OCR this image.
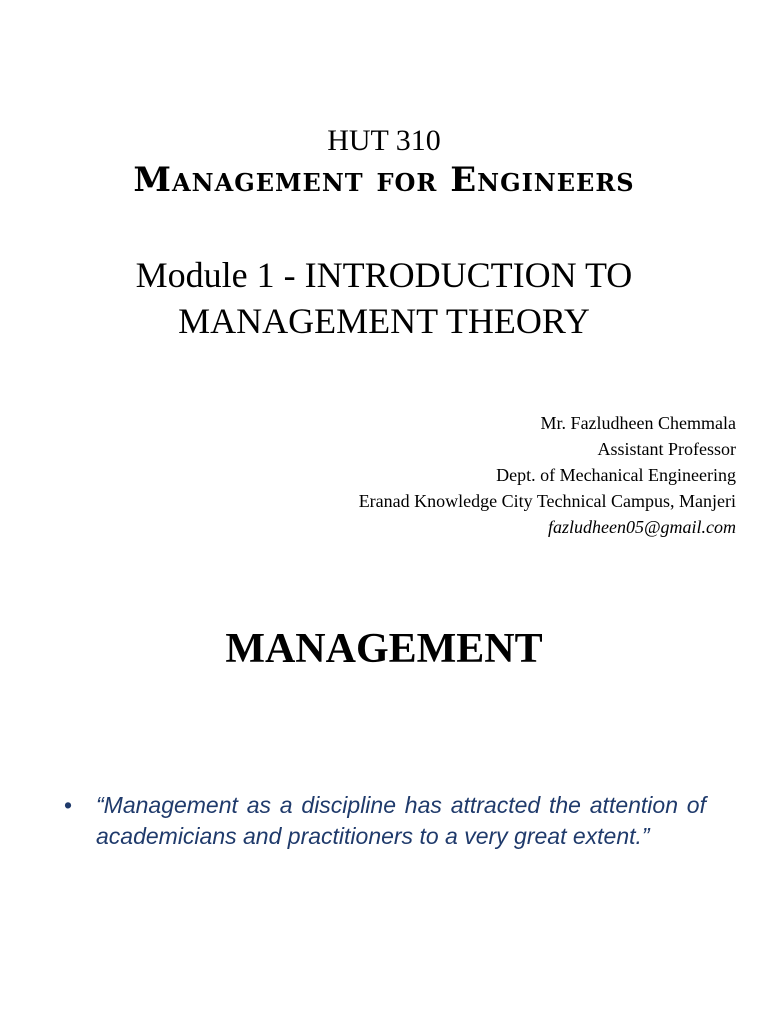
HUT 310
Management for Engineers
Module 1 - INTRODUCTION TO
MANAGEMENT THEORY
Mr. Fazludheen Chemmala
Assistant Professor
Dept. of Mechanical Engineering
Eranad Knowledge City Technical Campus, Manjeri
fazludheen05@gmail.com
MANAGEMENT
• “Management as a discipline has attracted the attention of academicians and practitioners to a very great extent.”
